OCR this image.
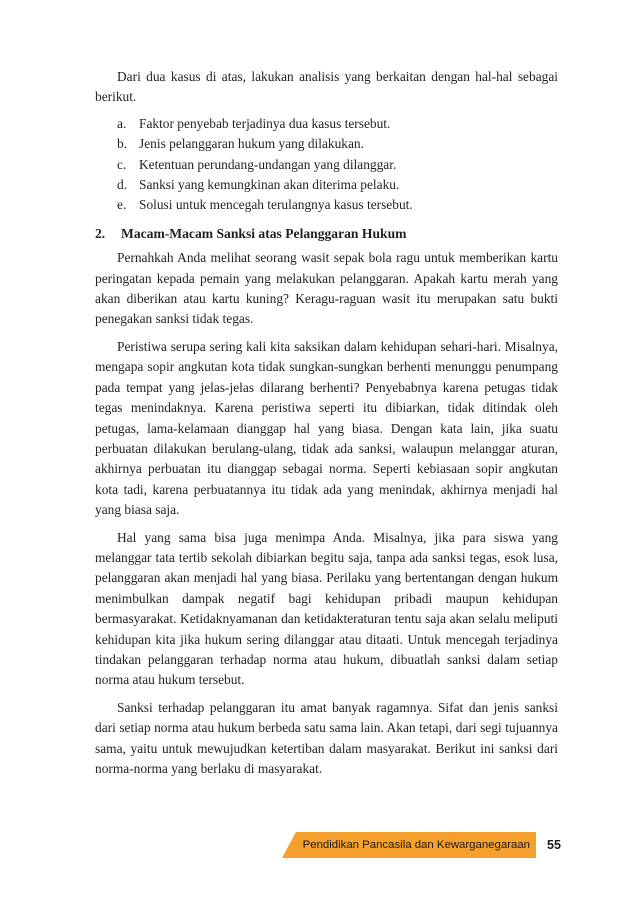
Dari dua kasus di atas, lakukan analisis yang berkaitan dengan hal-hal sebagai berikut.

a. Faktor penyebab terjadinya dua kasus tersebut.
b. Jenis pelanggaran hukum yang dilakukan.
c. Ketentuan perundang-undangan yang dilanggar.
d. Sanksi yang kemungkinan akan diterima pelaku.
e. Solusi untuk mencegah terulangnya kasus tersebut.
2.	Macam-Macam Sanksi atas Pelanggaran Hukum

Pernahkah Anda melihat seorang wasit sepak bola ragu untuk memberikan kartu peringatan kepada pemain yang melakukan pelanggaran. Apakah kartu merah yang akan diberikan atau kartu kuning? Keragu-raguan wasit itu merupakan satu bukti penegakan sanksi tidak tegas.

Peristiwa serupa sering kali kita saksikan dalam kehidupan sehari-hari. Misalnya, mengapa sopir angkutan kota tidak sungkan-sungkan berhenti menunggu penumpang pada tempat yang jelas-jelas dilarang berhenti? Penyebabnya karena petugas tidak tegas menindaknya. Karena peristiwa seperti itu dibiarkan, tidak ditindak oleh petugas, lama-kelamaan dianggap hal yang biasa. Dengan kata lain, jika suatu perbuatan dilakukan berulang-ulang, tidak ada sanksi, walaupun melanggar aturan, akhirnya perbuatan itu dianggap sebagai norma. Seperti kebiasaan sopir angkutan kota tadi, karena perbuatannya itu tidak ada yang menindak, akhirnya menjadi hal yang biasa saja.

Hal yang sama bisa juga menimpa Anda. Misalnya, jika para siswa yang melanggar tata tertib sekolah dibiarkan begitu saja, tanpa ada sanksi tegas, esok lusa, pelanggaran akan menjadi hal yang biasa. Perilaku yang bertentangan dengan hukum menimbulkan dampak negatif bagi kehidupan pribadi maupun kehidupan bermasyarakat. Ketidaknyamanan dan ketidakteraturan tentu saja akan selalu meliputi kehidupan kita jika hukum sering dilanggar atau ditaati. Untuk mencegah terjadinya tindakan pelanggaran terhadap norma atau hukum, dibuatlah sanksi dalam setiap norma atau hukum tersebut.

Sanksi terhadap pelanggaran itu amat banyak ragamnya. Sifat dan jenis sanksi dari setiap norma atau hukum berbeda satu sama lain. Akan tetapi, dari segi tujuannya sama, yaitu untuk mewujudkan ketertiban dalam masyarakat. Berikut ini sanksi dari norma-norma yang berlaku di masyarakat.

Pendidikan Pancasila dan Kewarganegaraan	55
